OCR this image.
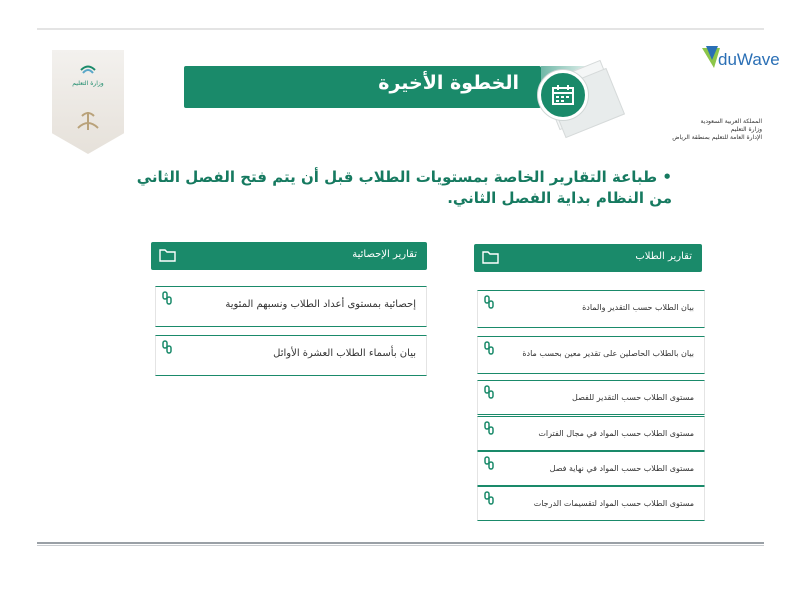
وزارة التعليم
duWave
المملكة العربية السعودية
وزارة التعليم
الإدارة العامة للتعليم بمنطقة الرياض
الخطوة الأخيرة
• طباعة التقارير الخاصة بمستويات الطلاب قبل أن يتم فتح الفصل الثاني
من النظام بداية الفصل الثاني.
تقارير الإحصائية
إحصائية بمستوى أعداد الطلاب ونسبهم المئوية
بيان بأسماء الطلاب العشرة الأوائل
تقارير الطلاب
بيان الطلاب حسب التقدير والمادة
بيان بالطلاب الحاصلين على تقدير معين بحسب مادة
مستوى الطلاب حسب التقدير للفصل
مستوى الطلاب حسب المواد في مجال الفترات
مستوى الطلاب حسب المواد في نهاية فصل
مستوى الطلاب حسب المواد لتقسيمات الدرجات
